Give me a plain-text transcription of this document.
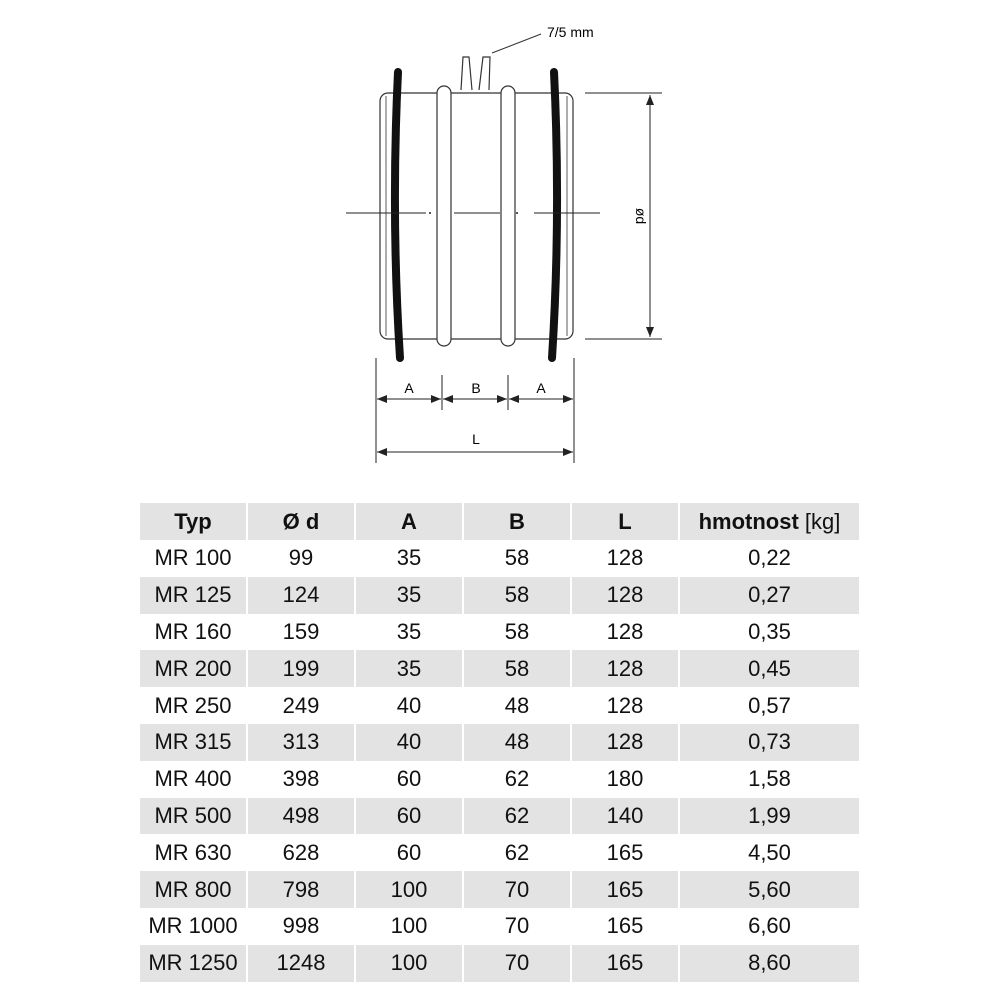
7/5 mm
ød
A	B	A
L
Typ	Ø d	A	B	L	hmotnost [kg]
MR 100	99	35	58	128	0,22
MR 125	124	35	58	128	0,27
MR 160	159	35	58	128	0,35
MR 200	199	35	58	128	0,45
MR 250	249	40	48	128	0,57
MR 315	313	40	48	128	0,73
MR 400	398	60	62	180	1,58
MR 500	498	60	62	140	1,99
MR 630	628	60	62	165	4,50
MR 800	798	100	70	165	5,60
MR 1000	998	100	70	165	6,60
MR 1250	1248	100	70	165	8,60
